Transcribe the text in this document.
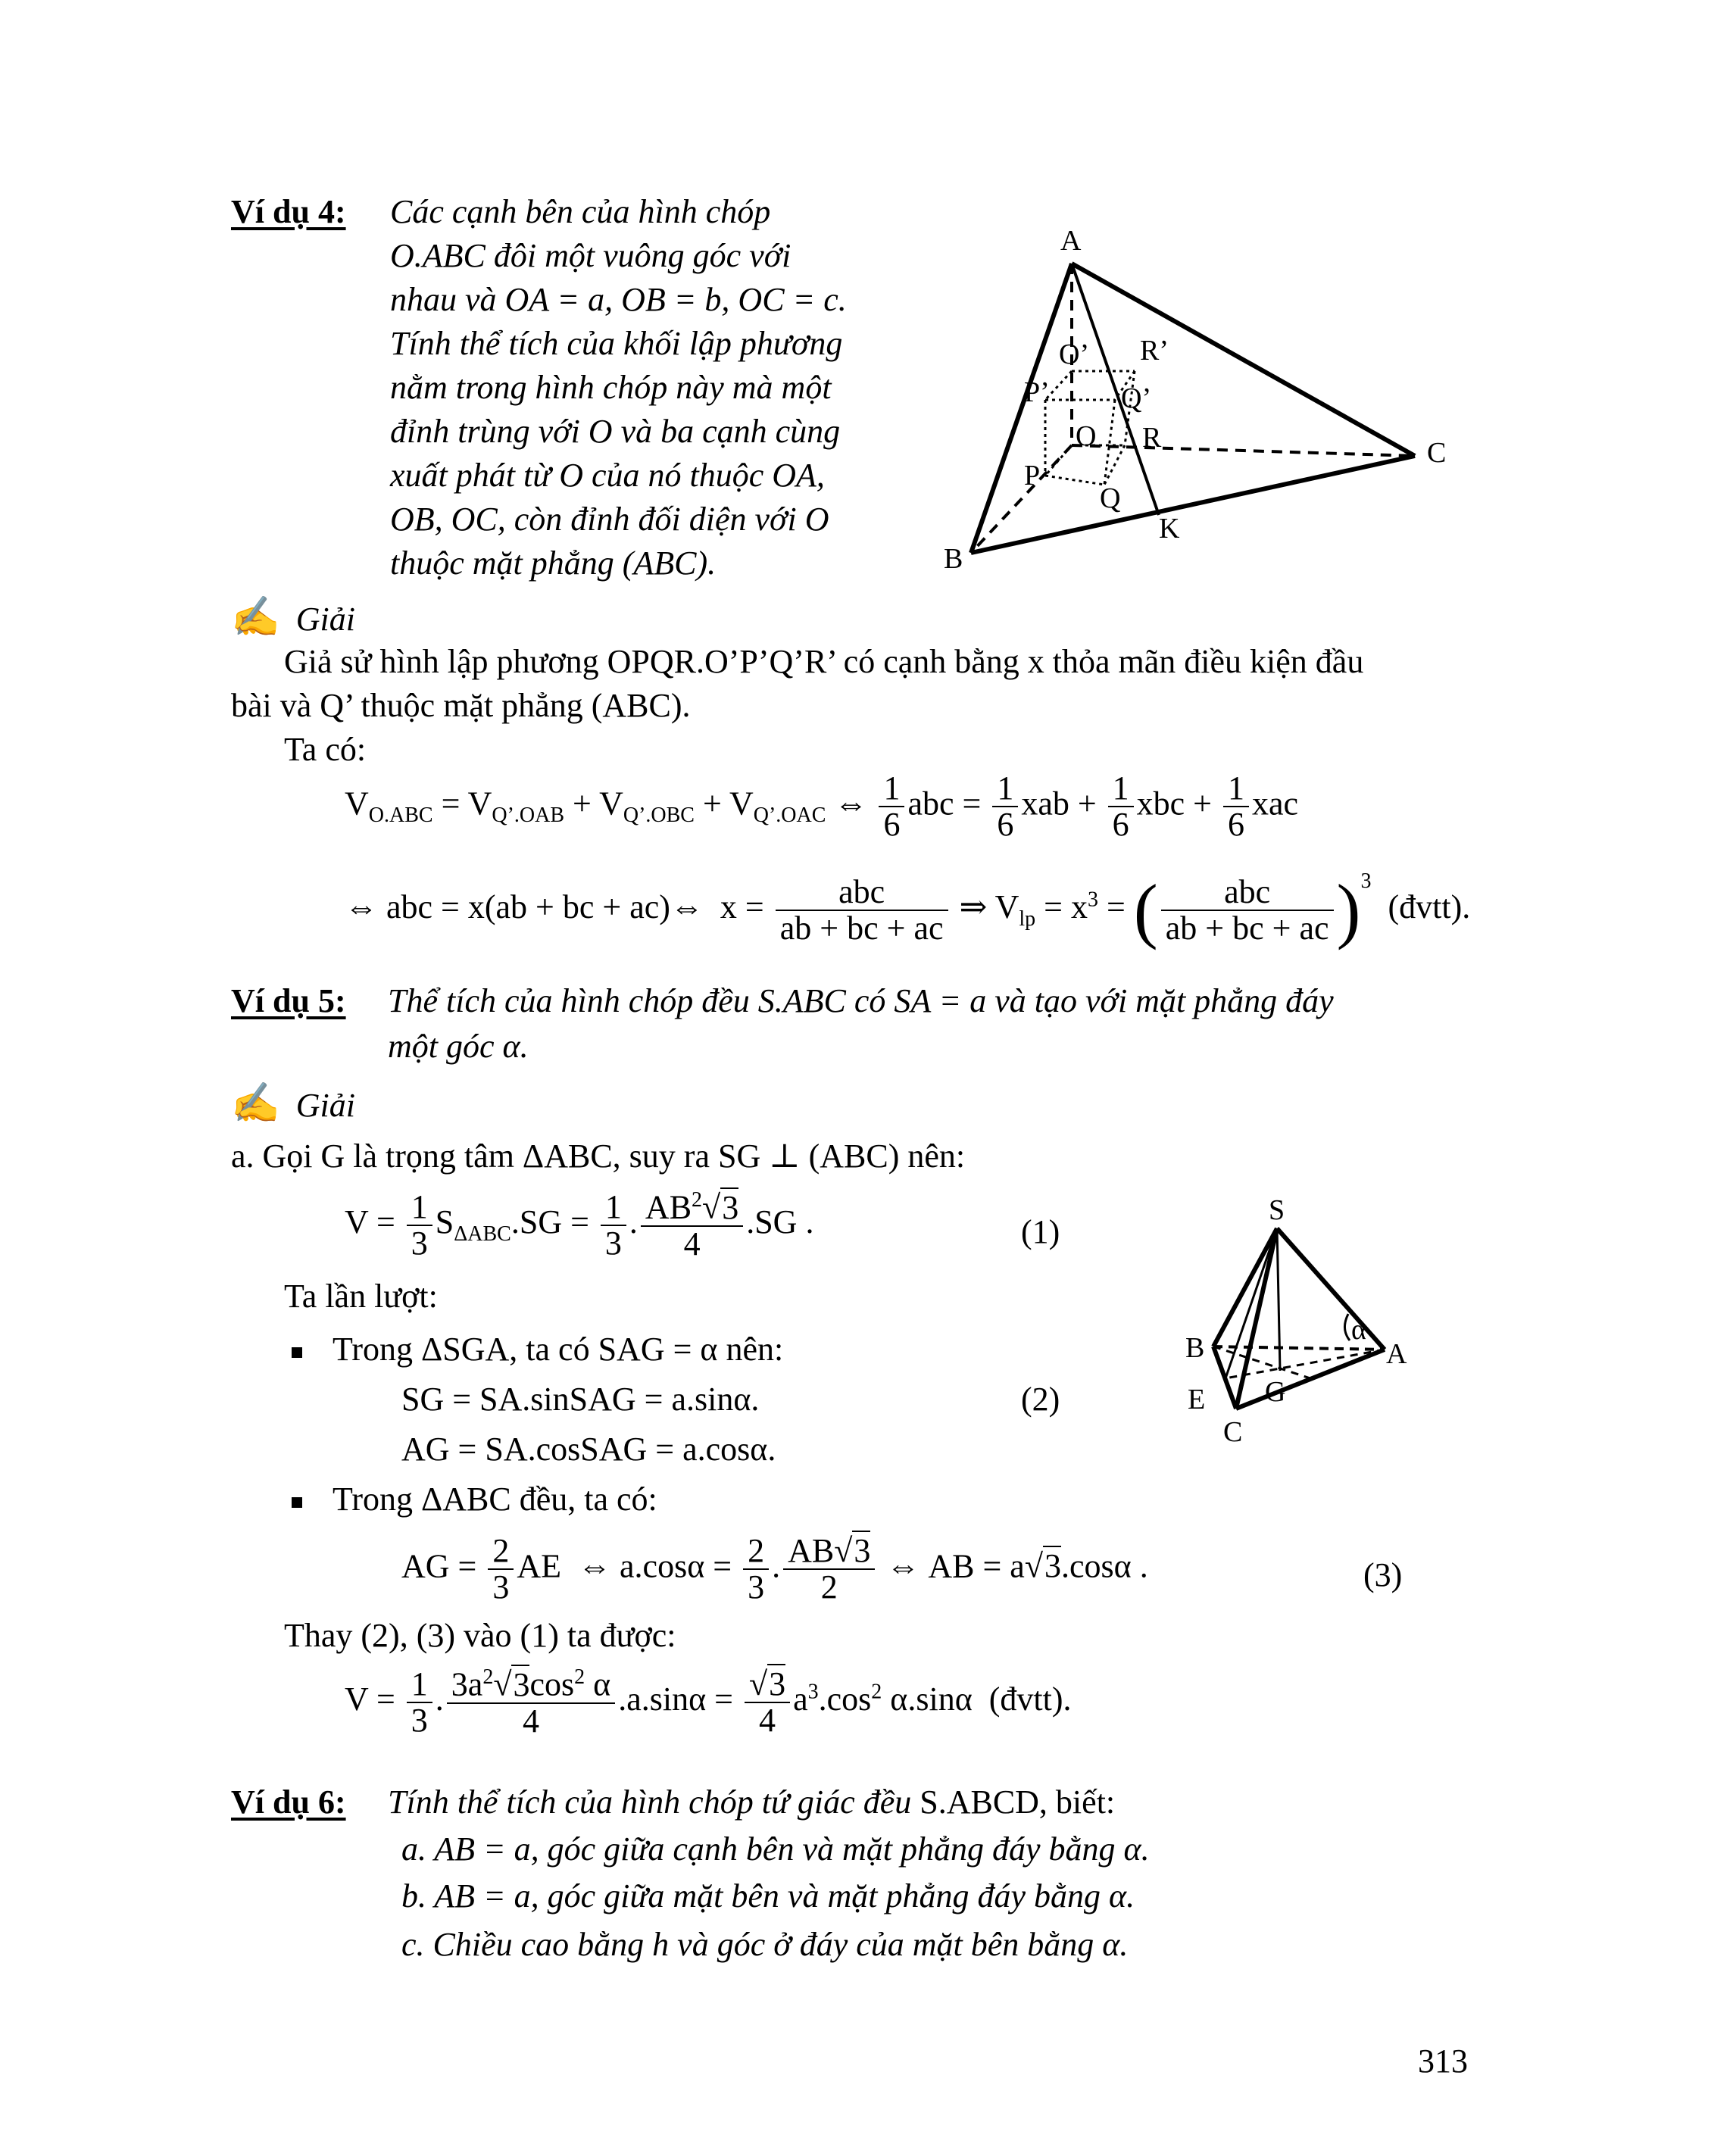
Ví dụ 4: Các cạnh bên của hình chóp
O.ABC đôi một vuông góc với
nhau và OA = a, OB = b, OC = c.
Tính thể tích của khối lập phương
nằm trong hình chóp này mà một
đỉnh trùng với O và ba cạnh cùng
xuất phát từ O của nó thuộc OA,
OB, OC, còn đỉnh đối diện với O
thuộc mặt phẳng (ABC).
A
B
C
K
O
P
Q
R
O’
P’ Q’
R’
✍ Giải
Giả sử hình lập phương OPQR.O’P’Q’R’ có cạnh bằng x thỏa mãn điều kiện đầu
bài và Q’ thuộc mặt phẳng (ABC).
Ta có:
$V_{O.ABC} = V_{Q’.OAB} + V_{Q’.OBC} + V_{Q’.OAC}$ ⇔ $\frac{1}{6}$ abc = $\frac{1}{6}$ xab + $\frac{1}{6}$ xbc + $\frac{1}{6}$ xac
⇔ abc = x(ab + bc + ac)⇔  $x = \frac{\text{abc}}{ab + bc + ac}$ ⇒ $V_{lp} = x^3$ = ( $\frac{\text{abc}}{ab + bc + ac} )^3$  (đvtt).
Ví dụ 5: Thể tích của hình chóp đều S.ABC có SA = a và tạo với mặt phẳng đáy
một góc α.
✍ Giải
a. Gọi G là trọng tâm ΔABC, suy ra SG ⊥ (ABC) nên:
$V = \frac{1}{3} S_{\Delta ABC}.SG = \frac{1}{3}$ . $\frac{AB^2√3}{4} .SG$ .	(1)
Ta lần lượt:
Trong ΔSGA, ta có SAG = α nên:
SG = SA.sinSAG = a.sinα.	(2)
AG = SA.cosSAG = a.cosα.
Trong ΔABC đều, ta có:
AG = $\frac{2}{3}$ AE  ⇔ $a.\cos\alpha = \frac{2}{3}$ . $\frac{AB√3}{2}$ ⇔ AB = a√3.cosα .	(3)
Thay (2), (3) vào (1) ta được:
$V = \frac{1}{3}$ . $\frac{3a^2√3\cos^2 \alpha}{4} .a.\sin\alpha = \frac{√3}{4} a^3.\cos^2$ α.sinα  (đvtt).
S
A
B
C
E G
α
Ví dụ 6: Tính thể tích của hình chóp tứ giác đều S.ABCD, biết:
a. AB = a, góc giữa cạnh bên và mặt phẳng đáy bằng α.
b. AB = a, góc giữa mặt bên và mặt phẳng đáy bằng α.
c. Chiều cao bằng h và góc ở đáy của mặt bên bằng α.
313
